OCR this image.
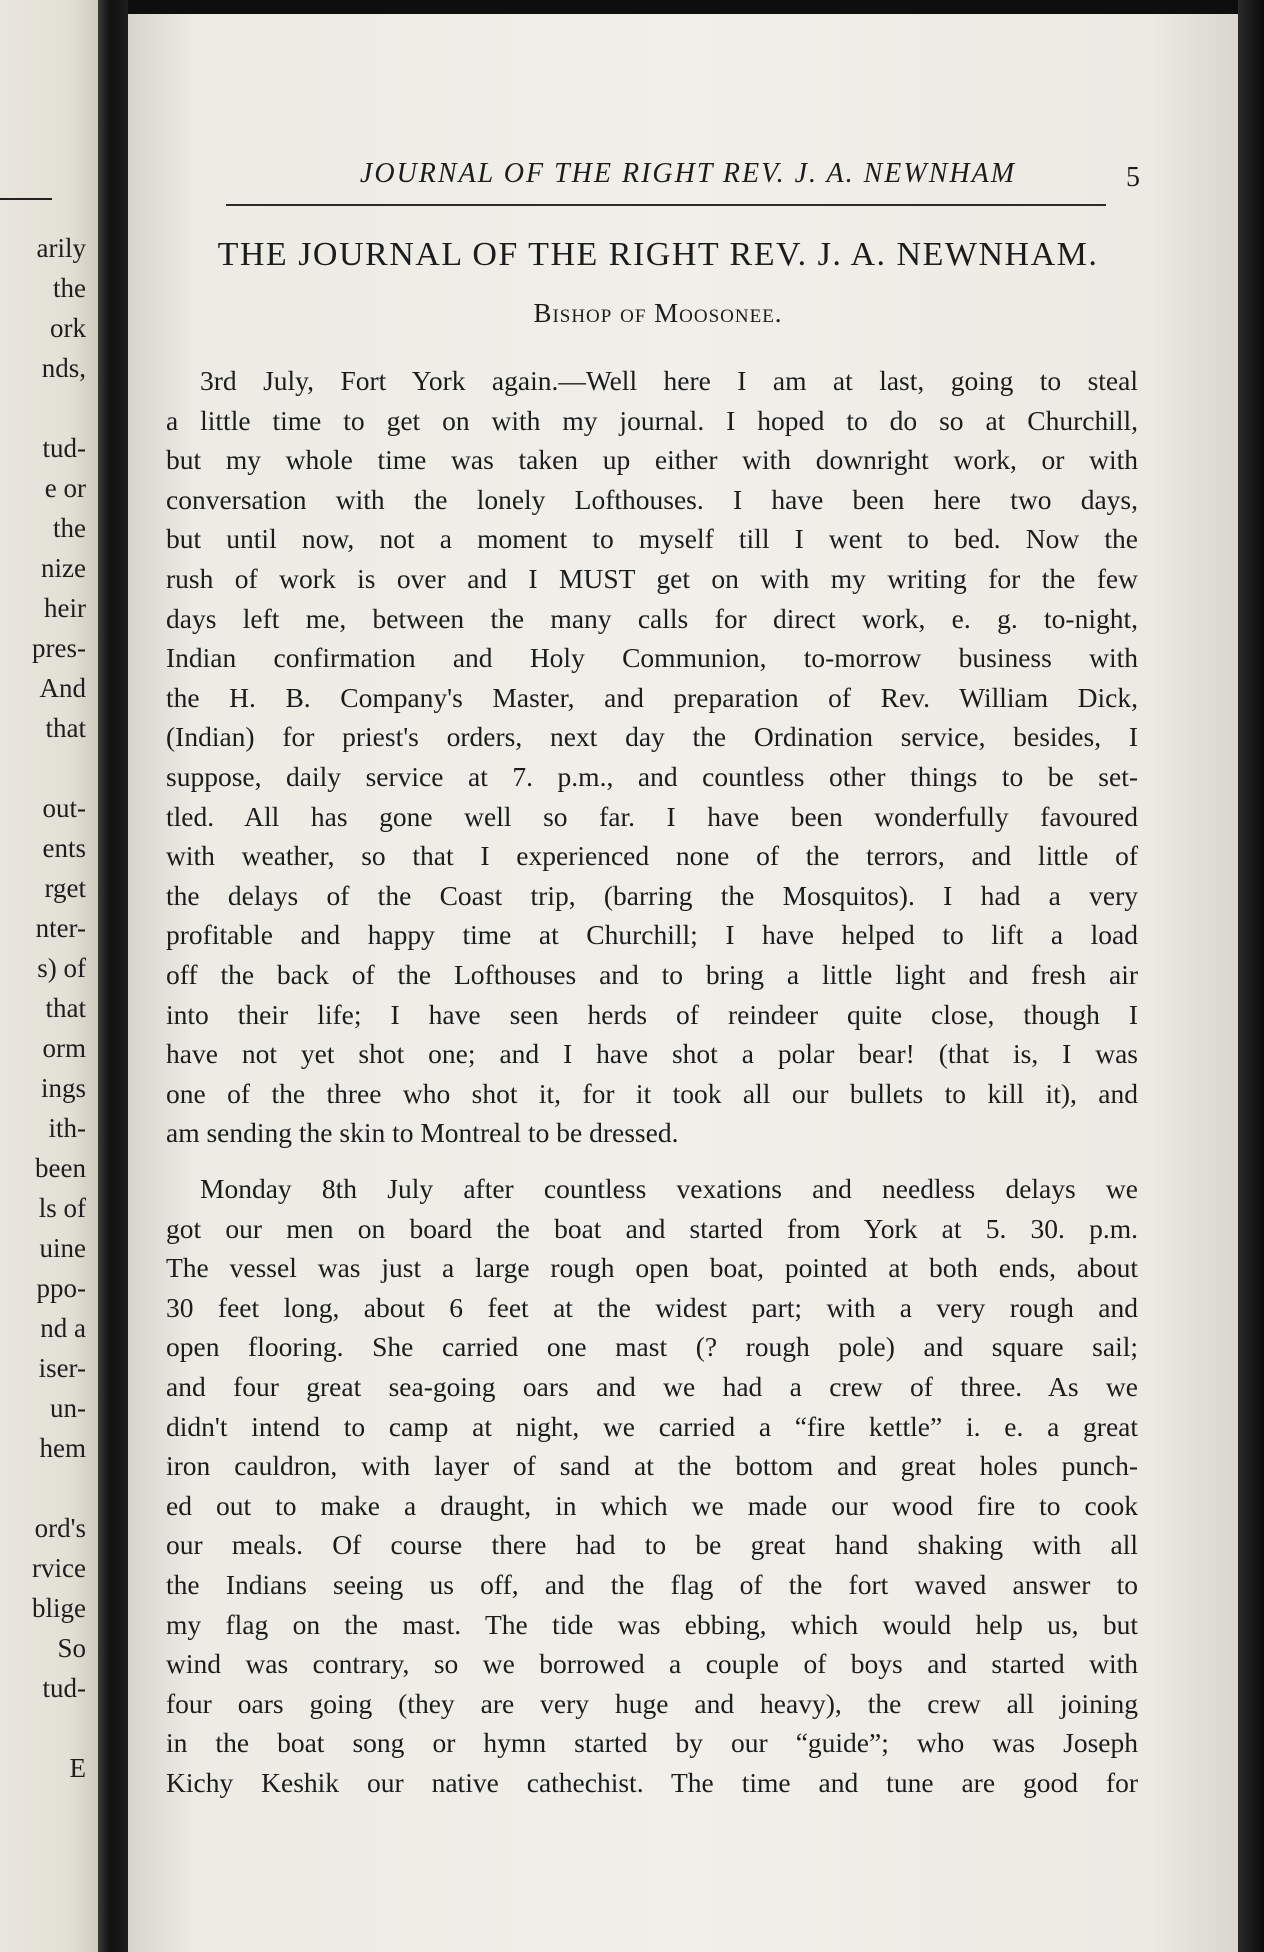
arily
the
ork
nds,
tud-
e or
the
nize
heir
pres-
And
that
out-
ents
rget
nter-
s) of
that
orm
ings
ith-
been
ls of
uine
ppo-
nd a
iser-
un-
hem
ord's
rvice
blige
So
tud-
E
JOURNAL OF THE RIGHT REV. J. A. NEWNHAM	5
THE JOURNAL OF THE RIGHT REV. J. A. NEWNHAM.
Bishop of Moosonee.

3rd July, Fort York again.—Well here I am at last, going to steal
a little time to get on with my journal. I hoped to do so at Churchill,
but my whole time was taken up either with downright work, or with
conversation with the lonely Lofthouses. I have been here two days,
but until now, not a moment to myself till I went to bed. Now the
rush of work is over and I MUST get on with my writing for the few
days left me, between the many calls for direct work, e. g. to-night,
Indian confirmation and Holy Communion, to-morrow business with
the H. B. Company's Master, and preparation of Rev. William Dick,
(Indian) for priest's orders, next day the Ordination service, besides, I
suppose, daily service at 7. p.m., and countless other things to be set-
tled. All has gone well so far. I have been wonderfully favoured
with weather, so that I experienced none of the terrors, and little of
the delays of the Coast trip, (barring the Mosquitos). I had a very
profitable and happy time at Churchill; I have helped to lift a load
off the back of the Lofthouses and to bring a little light and fresh air
into their life; I have seen herds of reindeer quite close, though I
have not yet shot one; and I have shot a polar bear! (that is, I was
one of the three who shot it, for it took all our bullets to kill it), and
am sending the skin to Montreal to be dressed.

Monday 8th July after countless vexations and needless delays we
got our men on board the boat and started from York at 5. 30. p.m.
The vessel was just a large rough open boat, pointed at both ends, about
30 feet long, about 6 feet at the widest part; with a very rough and
open flooring. She carried one mast (? rough pole) and square sail;
and four great sea-going oars and we had a crew of three. As we
didn't intend to camp at night, we carried a “fire kettle” i. e. a great
iron cauldron, with layer of sand at the bottom and great holes punch-
ed out to make a draught, in which we made our wood fire to cook
our meals. Of course there had to be great hand shaking with all
the Indians seeing us off, and the flag of the fort waved answer to
my flag on the mast. The tide was ebbing, which would help us, but
wind was contrary, so we borrowed a couple of boys and started with
four oars going (they are very huge and heavy), the crew all joining
in the boat song or hymn started by our “guide”; who was Joseph
Kichy Keshik our native cathechist. The time and tune are good for
